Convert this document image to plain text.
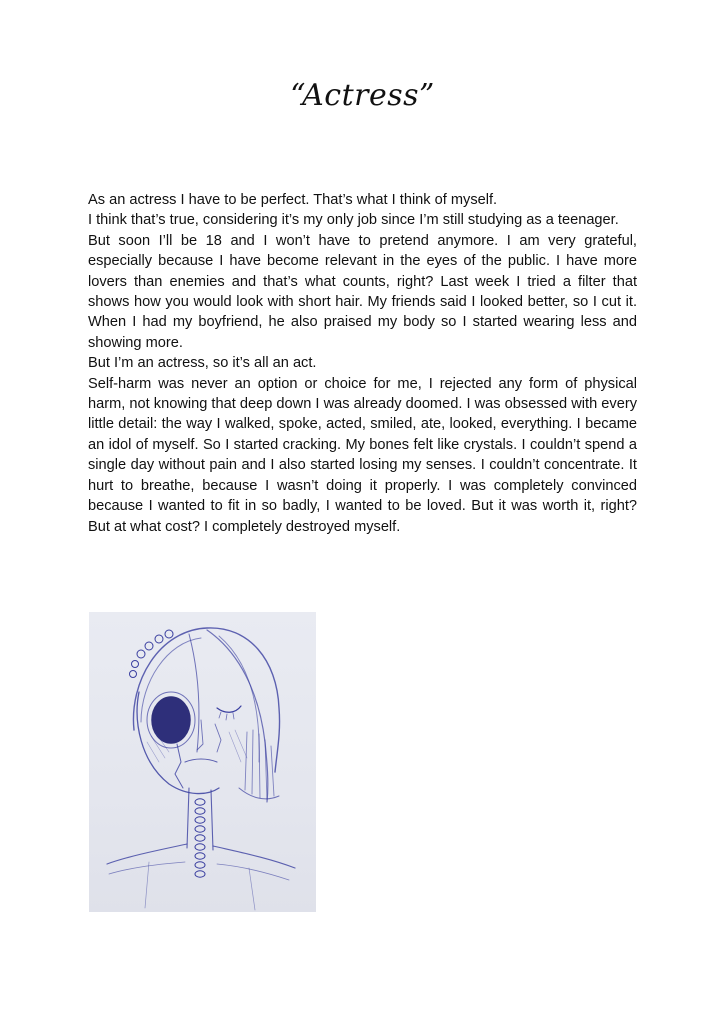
“Actress”

As an actress I have to be perfect. That’s what I think of myself.

I think that’s true, considering it’s my only job since I’m still studying as a teenager.

But soon I’ll be 18 and I won’t have to pretend anymore. I am very grateful, especially because I have become relevant in the eyes of the public. I have more lovers than enemies and that’s what counts, right? Last week I tried a filter that shows how you would look with short hair. My friends said I looked better, so I cut it. When I had my boyfriend, he also praised my body so I started wearing less and showing more.

But I’m an actress, so it’s all an act.

Self-harm was never an option or choice for me, I rejected any form of physical harm, not knowing that deep down I was already doomed. I was obsessed with every little detail: the way I walked, spoke, acted, smiled, ate, looked, everything. I became an idol of myself. So I started cracking. My bones felt like crystals. I couldn’t spend a single day without pain and I also started losing my senses. I couldn’t concentrate. It hurt to breathe, because I wasn’t doing it properly. I was completely convinced because I wanted to fit in so badly, I wanted to be loved. But it was worth it, right? But at what cost? I completely destroyed myself.
